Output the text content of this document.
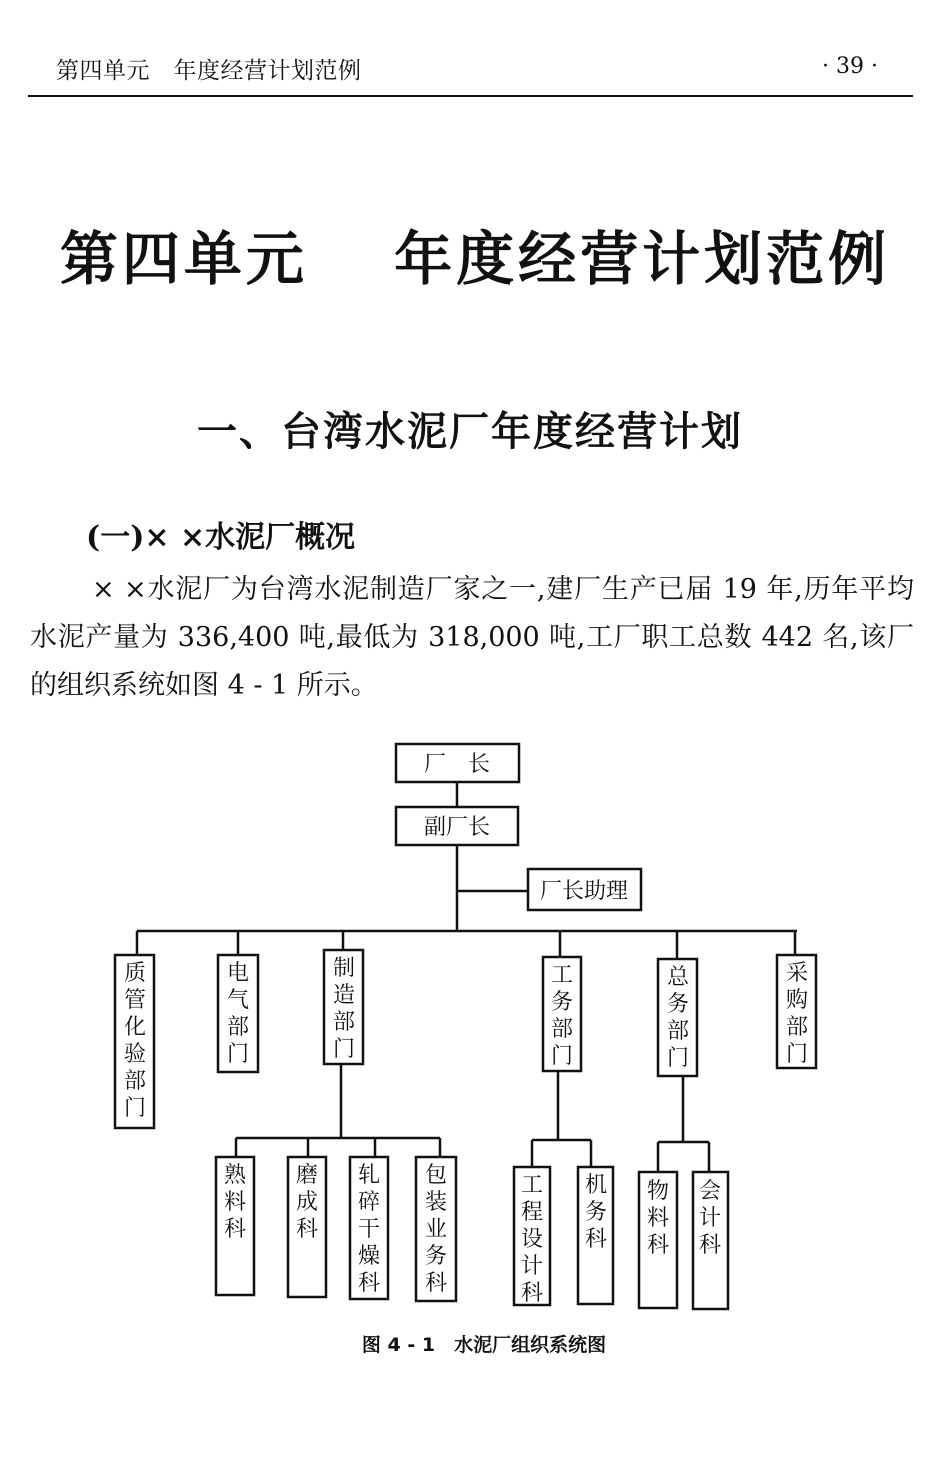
第四单元　年度经营计划范例	· 39 ·
第四单元　 年度经营计划范例
一、台湾水泥厂年度经营计划
(一)× ×水泥厂概况
× ×水泥厂为台湾水泥制造厂家之一,建厂生产已届 19 年,历年平均水泥产量为 336,400 吨,最低为 318,000 吨,工厂职工总数 442 名,该厂的组织系统如图 4 - 1 所示。
厂　长
副厂长
厂长助理
质管化验部门
电气部门
制造部门
工务部门
总务部门
采购部门
熟料科
磨成科
轧碎干燥科
包装业务科
工程设计科
机务科
物料科
会计科
图 4 - 1　水泥厂组织系统图
